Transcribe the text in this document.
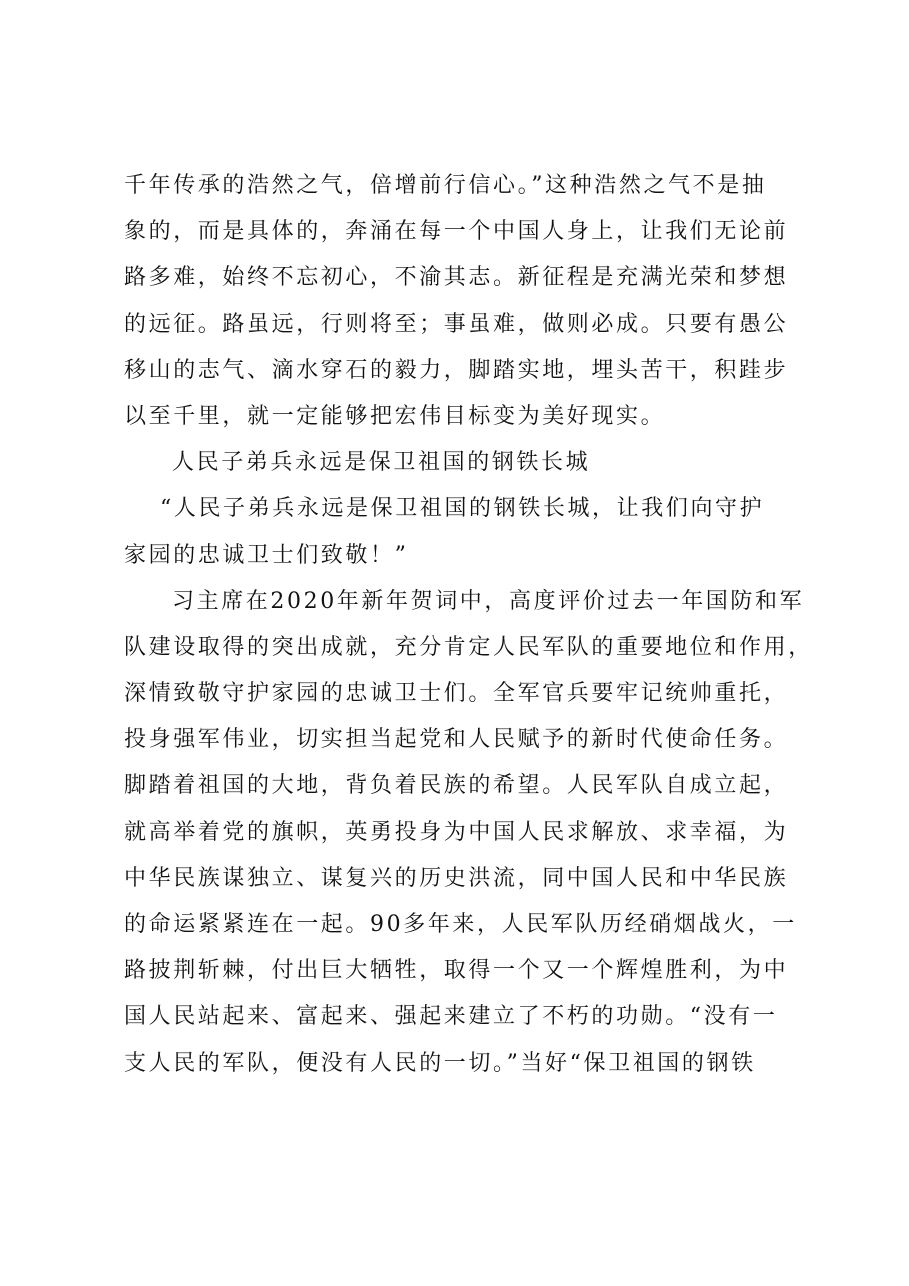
千年传承的浩然之气，倍增前行信心。”这种浩然之气不是抽
象的，而是具体的，奔涌在每一个中国人身上，让我们无论前
路多难，始终不忘初心，不渝其志。新征程是充满光荣和梦想
的远征。路虽远，行则将至；事虽难，做则必成。只要有愚公
移山的志气、滴水穿石的毅力，脚踏实地，埋头苦干，积跬步
以至千里，就一定能够把宏伟目标变为美好现实。
人民子弟兵永远是保卫祖国的钢铁长城
“人民子弟兵永远是保卫祖国的钢铁长城，让我们向守护
家园的忠诚卫士们致敬！”
习主席在2020年新年贺词中，高度评价过去一年国防和军
队建设取得的突出成就，充分肯定人民军队的重要地位和作用，
深情致敬守护家园的忠诚卫士们。全军官兵要牢记统帅重托，
投身强军伟业，切实担当起党和人民赋予的新时代使命任务。
脚踏着祖国的大地，背负着民族的希望。人民军队自成立起，
就高举着党的旗帜，英勇投身为中国人民求解放、求幸福，为
中华民族谋独立、谋复兴的历史洪流，同中国人民和中华民族
的命运紧紧连在一起。90多年来，人民军队历经硝烟战火，一
路披荆斩棘，付出巨大牺牲，取得一个又一个辉煌胜利，为中
国人民站起来、富起来、强起来建立了不朽的功勋。“没有一
支人民的军队，便没有人民的一切。”当好“保卫祖国的钢铁
